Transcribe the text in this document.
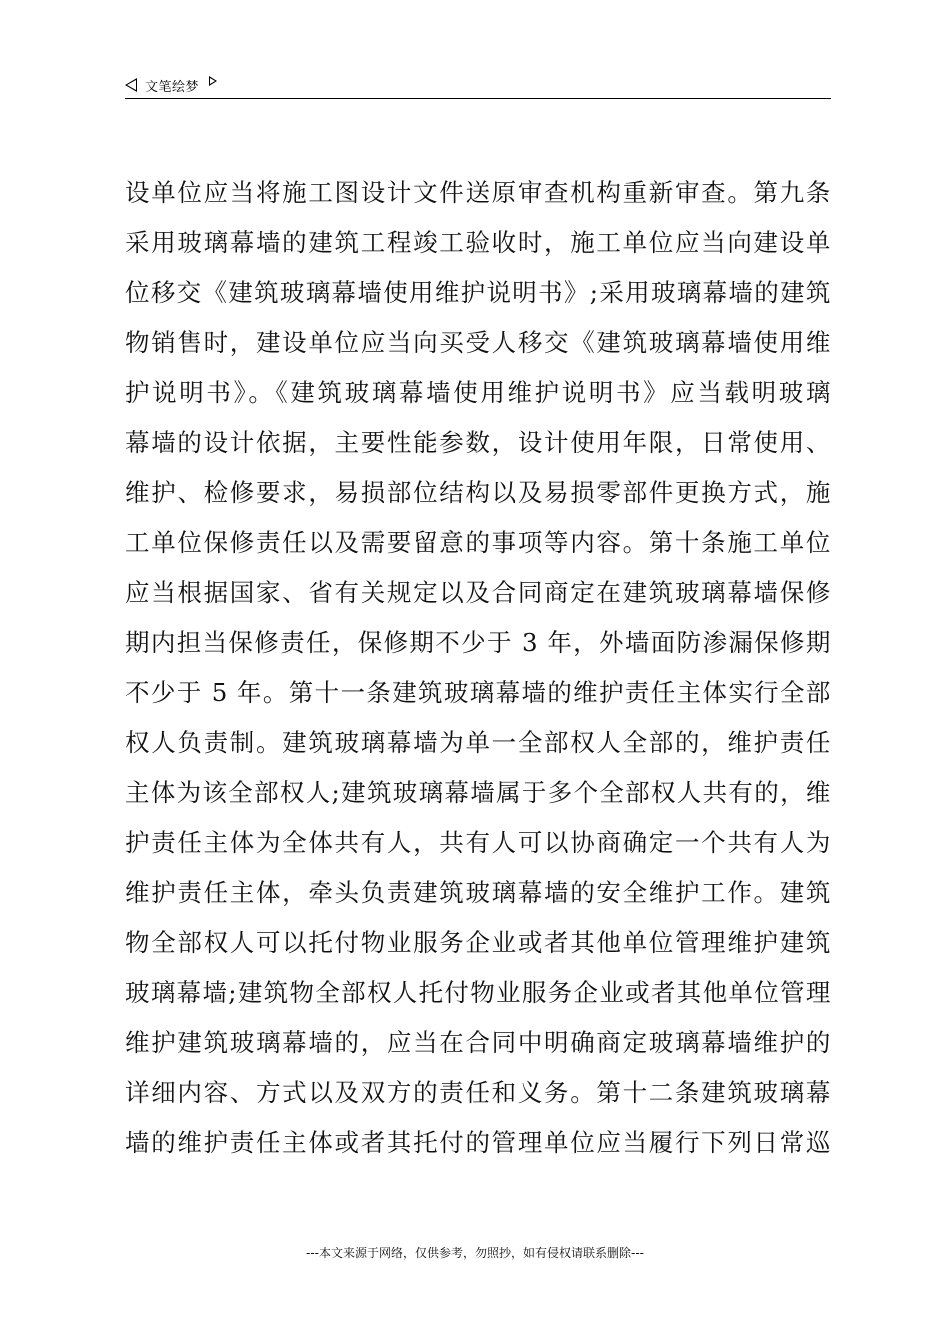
文笔绘梦
设单位应当将施工图设计文件送原审查机构重新审查。第九条
采用玻璃幕墙的建筑工程竣工验收时，施工单位应当向建设单
位移交《建筑玻璃幕墙使用维护说明书》;采用玻璃幕墙的建筑
物销售时，建设单位应当向买受人移交《建筑玻璃幕墙使用维
护说明书》。《建筑玻璃幕墙使用维护说明书》应当载明玻璃
幕墙的设计依据，主要性能参数，设计使用年限，日常使用、
维护、检修要求，易损部位结构以及易损零部件更换方式，施
工单位保修责任以及需要留意的事项等内容。第十条施工单位
应当根据国家、省有关规定以及合同商定在建筑玻璃幕墙保修
期内担当保修责任，保修期不少于 3 年，外墙面防渗漏保修期
不少于 5 年。第十一条建筑玻璃幕墙的维护责任主体实行全部
权人负责制。建筑玻璃幕墙为单一全部权人全部的，维护责任
主体为该全部权人;建筑玻璃幕墙属于多个全部权人共有的，维
护责任主体为全体共有人，共有人可以协商确定一个共有人为
维护责任主体，牵头负责建筑玻璃幕墙的安全维护工作。建筑
物全部权人可以托付物业服务企业或者其他单位管理维护建筑
玻璃幕墙;建筑物全部权人托付物业服务企业或者其他单位管理
维护建筑玻璃幕墙的，应当在合同中明确商定玻璃幕墙维护的
详细内容、方式以及双方的责任和义务。第十二条建筑玻璃幕
墙的维护责任主体或者其托付的管理单位应当履行下列日常巡
---本文来源于网络，仅供参考，勿照抄，如有侵权请联系删除---
